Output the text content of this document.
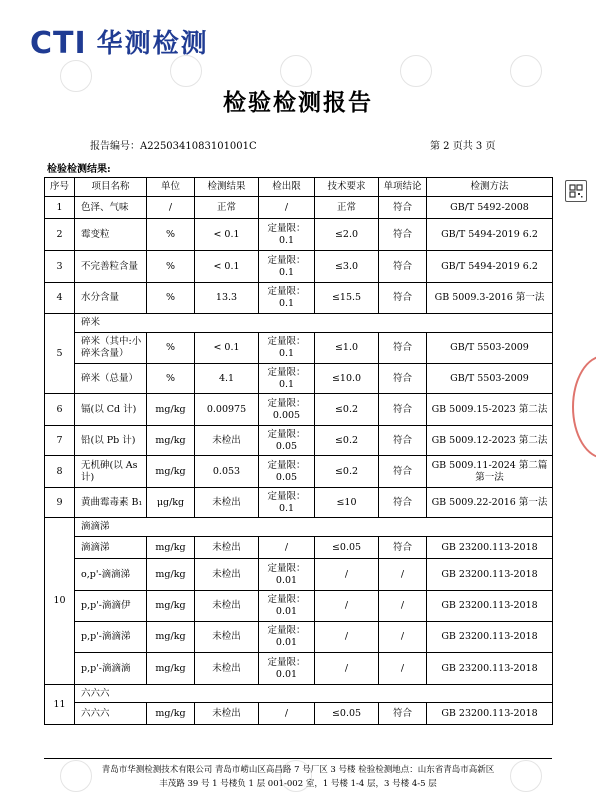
CTI 华测检测
检验检测报告
报告编号：A2250341083101001C	第 2 页共 3 页
检验检测结果:
序号	项目名称	单位	检测结果	检出限	技术要求	单项结论	检测方法
1	色泽、气味	/	正常	/	正常	符合	GB/T 5492-2008
2	霉变粒	%	< 0.1	定量限：0.1	≤2.0	符合	GB/T 5494-2019 6.2
3	不完善粒含量	%	< 0.1	定量限：0.1	≤3.0	符合	GB/T 5494-2019 6.2
4	水分含量	%	13.3	定量限：0.1	≤15.5	符合	GB 5009.3-2016 第一法
5	碎米						
	碎米（其中:小碎米含量）	%	< 0.1	定量限：0.1	≤1.0	符合	GB/T 5503-2009
	碎米（总量）	%	4.1	定量限：0.1	≤10.0	符合	GB/T 5503-2009
6	镉(以 Cd 计)	mg/kg	0.00975	定量限：0.005	≤0.2	符合	GB 5009.15-2023 第二法
7	铅(以 Pb 计)	mg/kg	未检出	定量限：0.05	≤0.2	符合	GB 5009.12-2023 第二法
8	无机砷(以 As 计)	mg/kg	0.053	定量限：0.05	≤0.2	符合	GB 5009.11-2024 第二篇 第一法
9	黄曲霉毒素 B₁	μg/kg	未检出	定量限：0.1	≤10	符合	GB 5009.22-2016 第一法
10	滴滴涕						
	滴滴涕	mg/kg	未检出	/	≤0.05	符合	GB 23200.113-2018
	o,p'-滴滴涕	mg/kg	未检出	定量限：0.01	/	/	GB 23200.113-2018
	p,p'-滴滴伊	mg/kg	未检出	定量限：0.01	/	/	GB 23200.113-2018
	p,p'-滴滴涕	mg/kg	未检出	定量限：0.01	/	/	GB 23200.113-2018
	p,p'-滴滴滴	mg/kg	未检出	定量限：0.01	/	/	GB 23200.113-2018
11	六六六						
	六六六	mg/kg	未检出	/	≤0.05	符合	GB 23200.113-2018
青岛市华测检测技术有限公司 青岛市崂山区高昌路 7 号厂区 3 号楼 检验检测地点：山东省青岛市高新区
丰茂路 39 号 1 号楼负 1 层 001-002 室，1 号楼 1-4 层，3 号楼 4-5 层
